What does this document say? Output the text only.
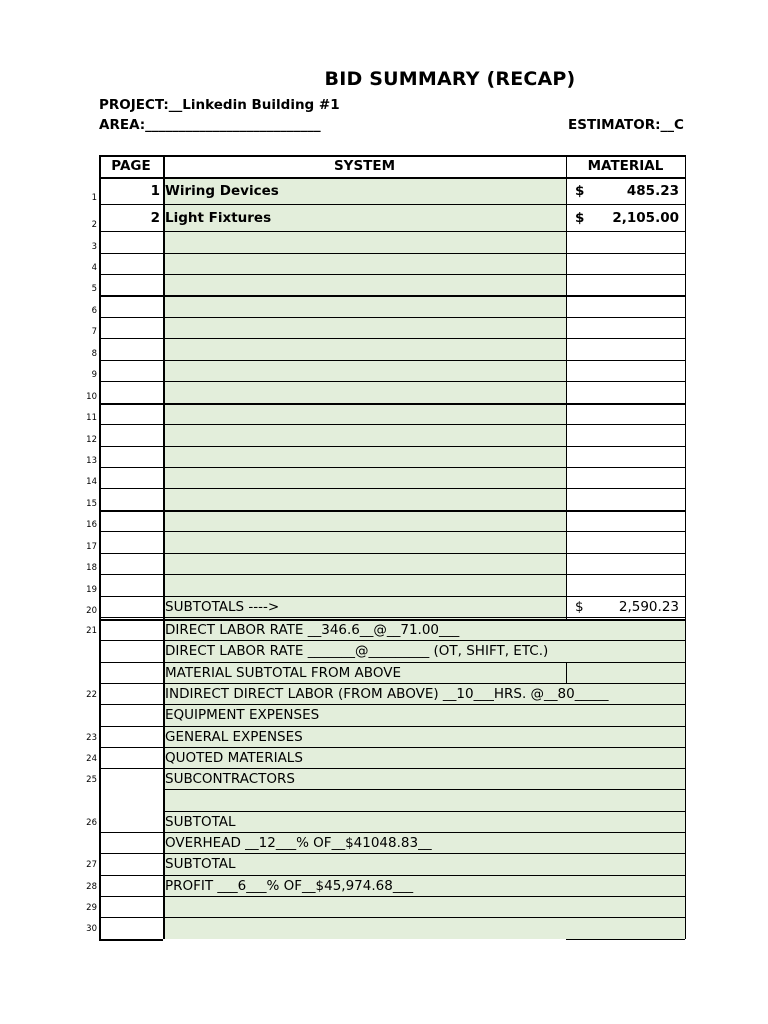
BID SUMMARY (RECAP)
PROJECT:__Linkedin Building #1
AREA:__________________________	ESTIMATOR:__C
PAGE	SYSTEM	MATERIAL
1	1 Wiring Devices	$	485.23
2	2 Light Fixtures	$	2,105.00
3
4
5
6
7
8
9
10
11
12
13
14
15
16
17
18
19
20	SUBTOTALS ---->	$	2,590.23
21	DIRECT LABOR RATE __346.6__@__71.00___
DIRECT LABOR RATE _______@_________ (OT, SHIFT, ETC.)
MATERIAL SUBTOTAL FROM ABOVE
22	INDIRECT DIRECT LABOR (FROM ABOVE) __10___HRS. @__80_____
EQUIPMENT EXPENSES
23	GENERAL EXPENSES
24	QUOTED MATERIALS
25	SUBCONTRACTORS
26	SUBTOTAL
OVERHEAD __12___% OF__$41048.83__
27	SUBTOTAL
28	PROFIT ___6___% OF__$45,974.68___
29
30
